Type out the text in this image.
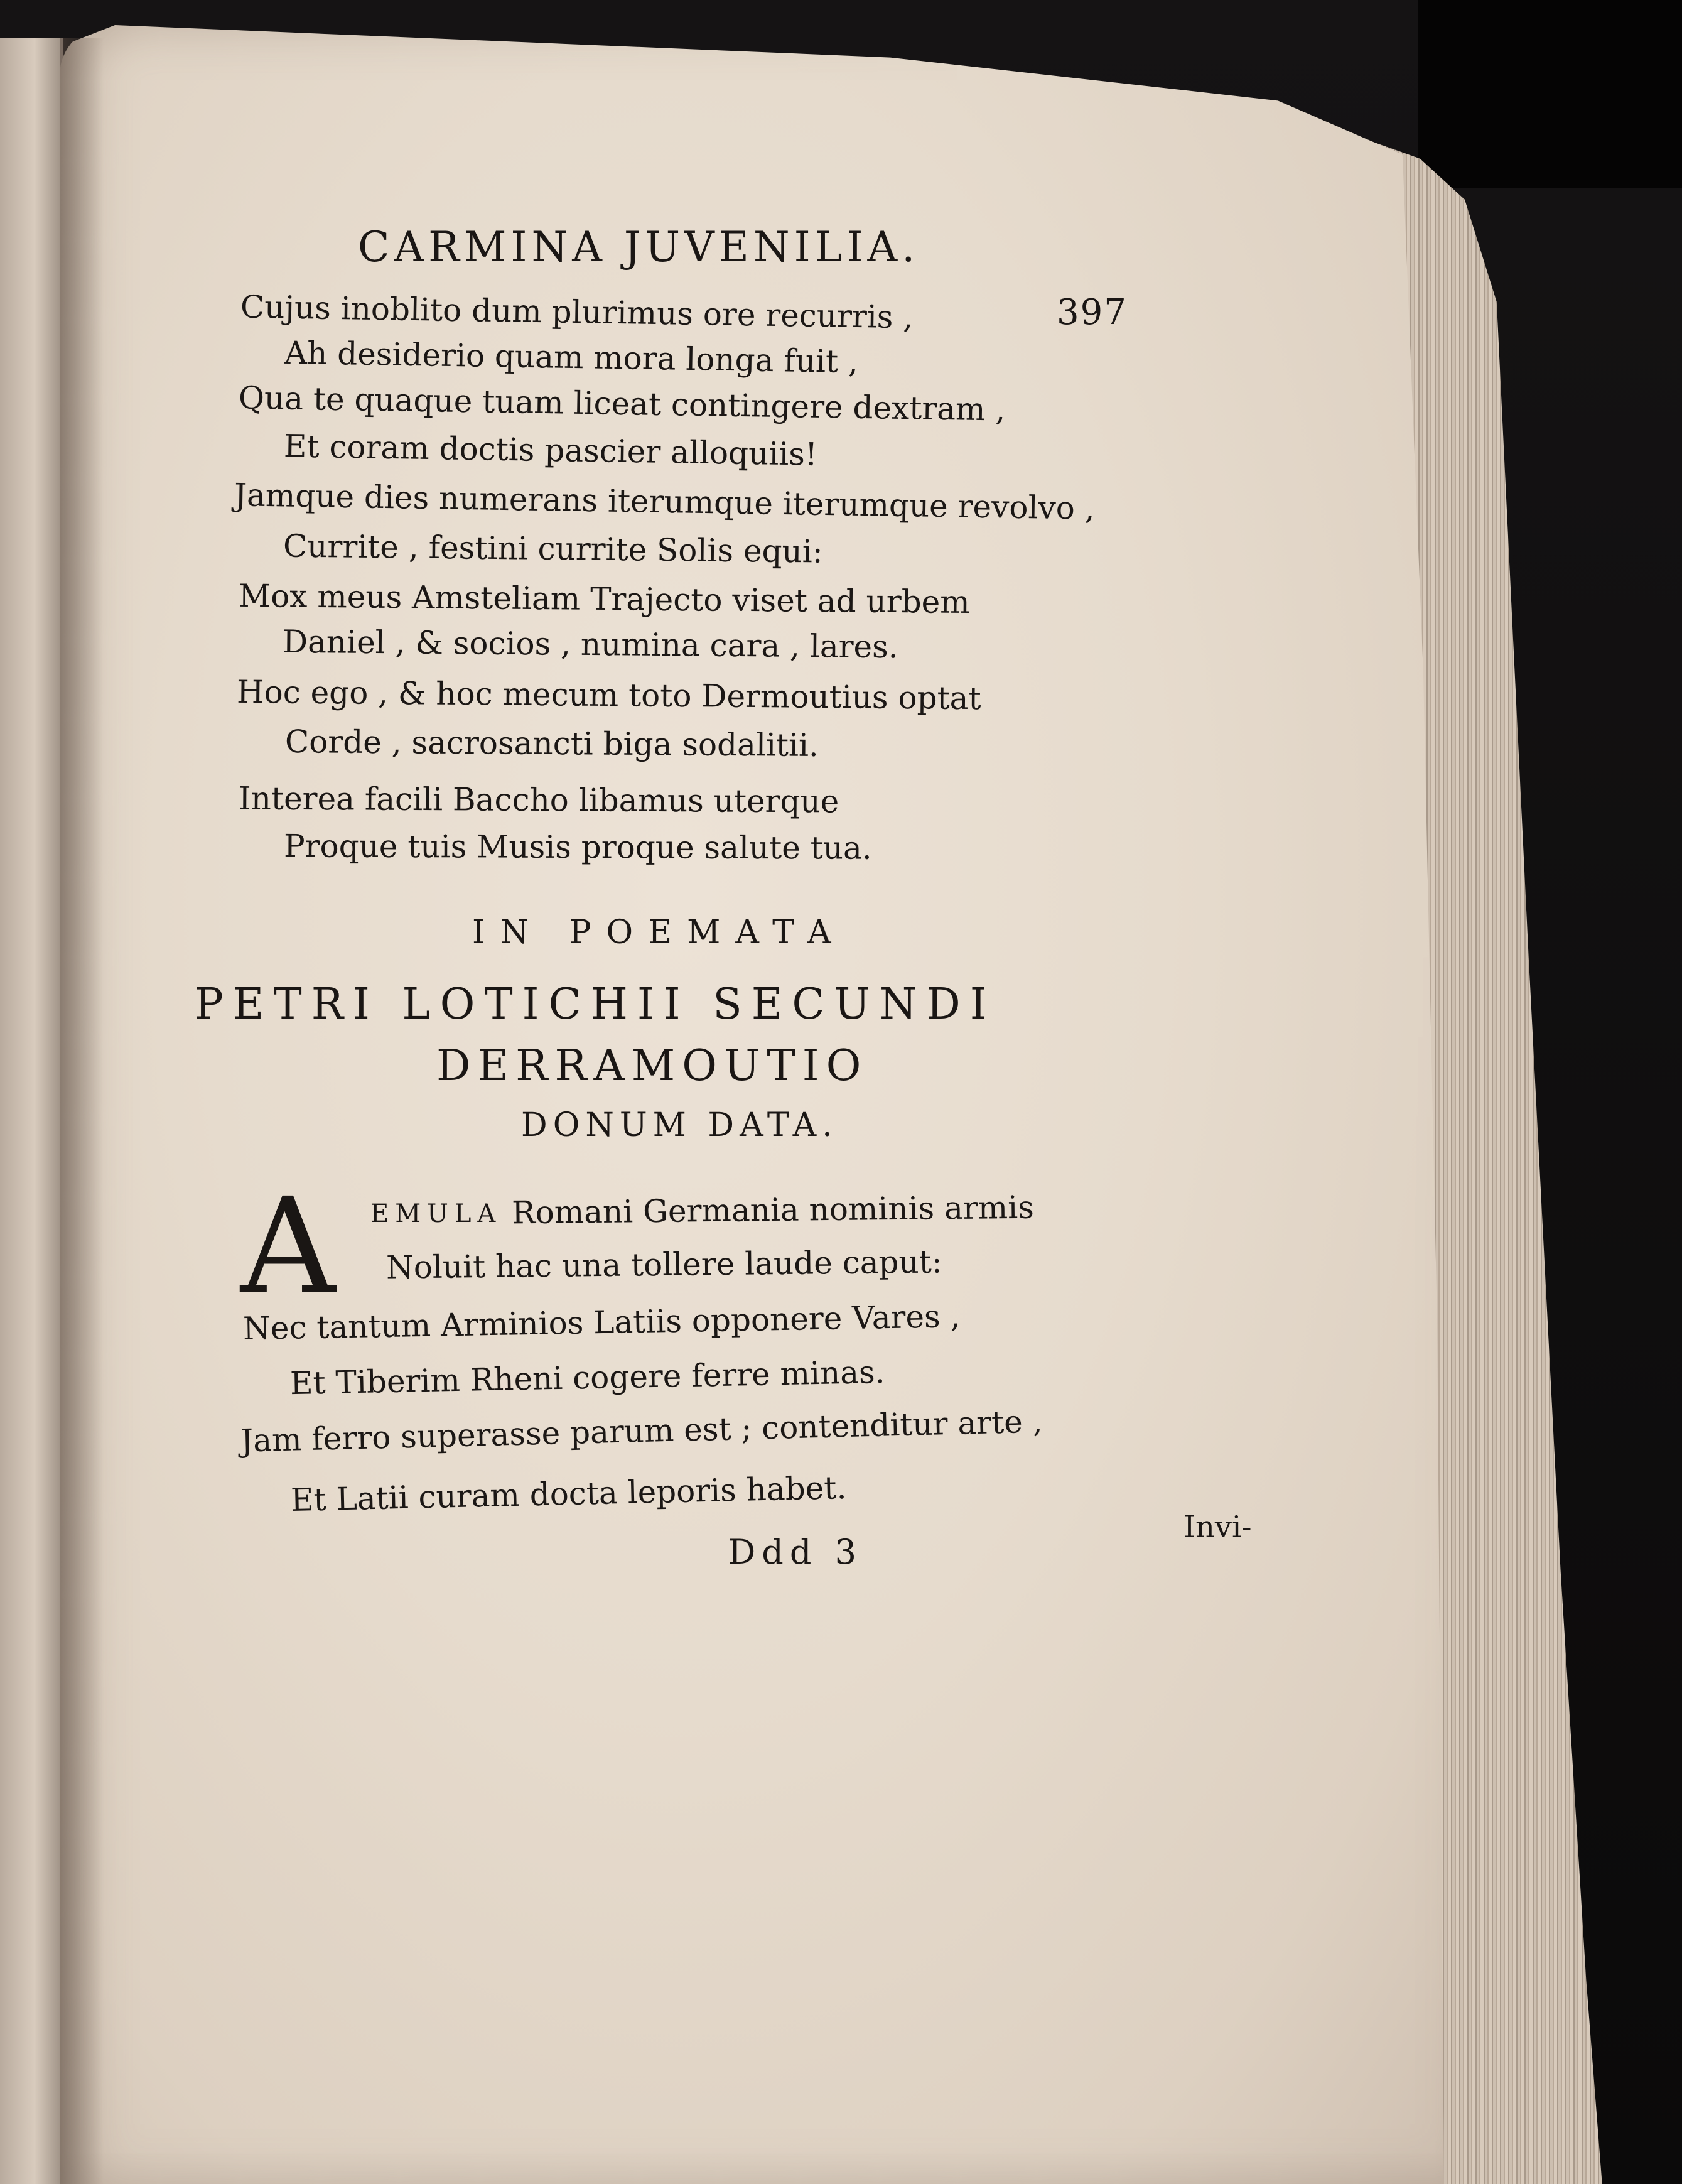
CARMINA JUVENILIA.
397
Cujus inoblito dum plurimus ore recurris ,
Ah desiderio quam mora longa fuit ,
Qua te quaque tuam liceat contingere dextram ,
Et coram doctis pascier alloquiis!
Jamque dies numerans iterumque iterumque revolvo ,
Currite , festini currite Solis equi:
Mox meus Amsteliam Trajecto viset ad urbem
Daniel , & socios , numina cara , lares.
Hoc ego , & hoc mecum toto Dermoutius optat
Corde , sacrosancti biga sodalitii.
Interea facili Baccho libamus uterque
Proque tuis Musis proque salute tua.
IN POEMATA
PETRI LOTICHII SECUNDI
DERRAMOUTIO
DONUM DATA.
A EMULA Romani Germania nominis armis
Noluit hac una tollere laude caput:
Nec tantum Arminios Latiis opponere Vares ,
Et Tiberim Rheni cogere ferre minas.
Jam ferro superasse parum est ; contenditur arte ,
Et Latii curam docta leporis habet.
Ddd 3
Invi-
